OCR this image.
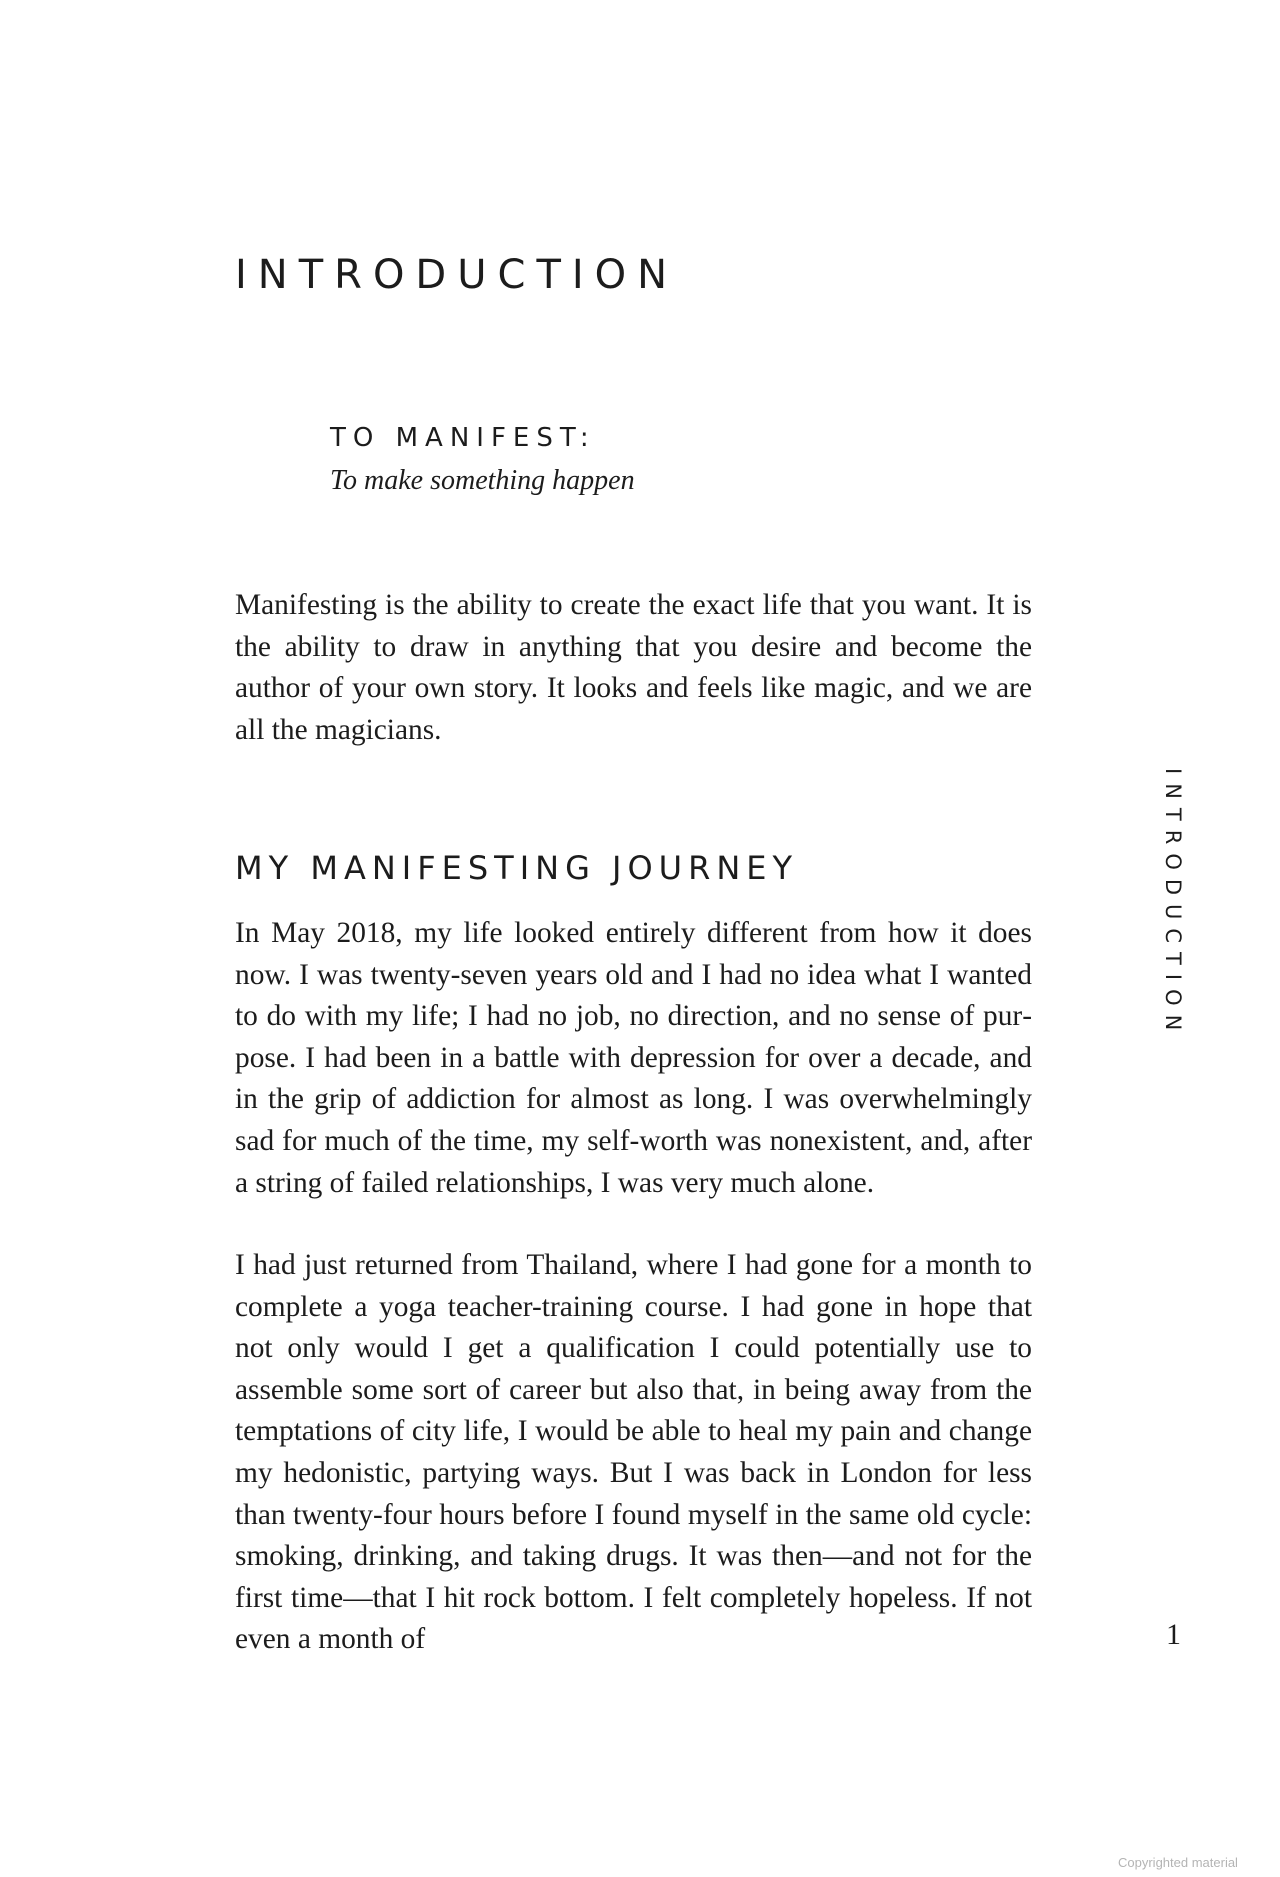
INTRODUCTION
TO MANIFEST:
To make something happen

Manifesting is the ability to create the exact life that you want. It is the ability to draw in anything that you desire and become the author of your own story. It looks and feels like magic, and we are all the magicians.

MY MANIFESTING JOURNEY

In May 2018, my life looked entirely different from how it does now. I was twenty-seven years old and I had no idea what I wanted to do with my life; I had no job, no direction, and no sense of purpose. I had been in a battle with depression for over a decade, and in the grip of addiction for almost as long. I was overwhelmingly sad for much of the time, my self-worth was nonexistent, and, after a string of failed relationships, I was very much alone.

I had just returned from Thailand, where I had gone for a month to complete a yoga teacher-training course. I had gone in hope that not only would I get a qualification I could potentially use to assemble some sort of career but also that, in being away from the temptations of city life, I would be able to heal my pain and change my hedonistic, partying ways. But I was back in London for less than twenty-four hours before I found myself in the same old cycle: smoking, drinking, and taking drugs. It was then—and not for the first time—that I hit rock bottom. I felt completely hopeless. If not even a month of

INTRODUCTION
1
Copyrighted material
